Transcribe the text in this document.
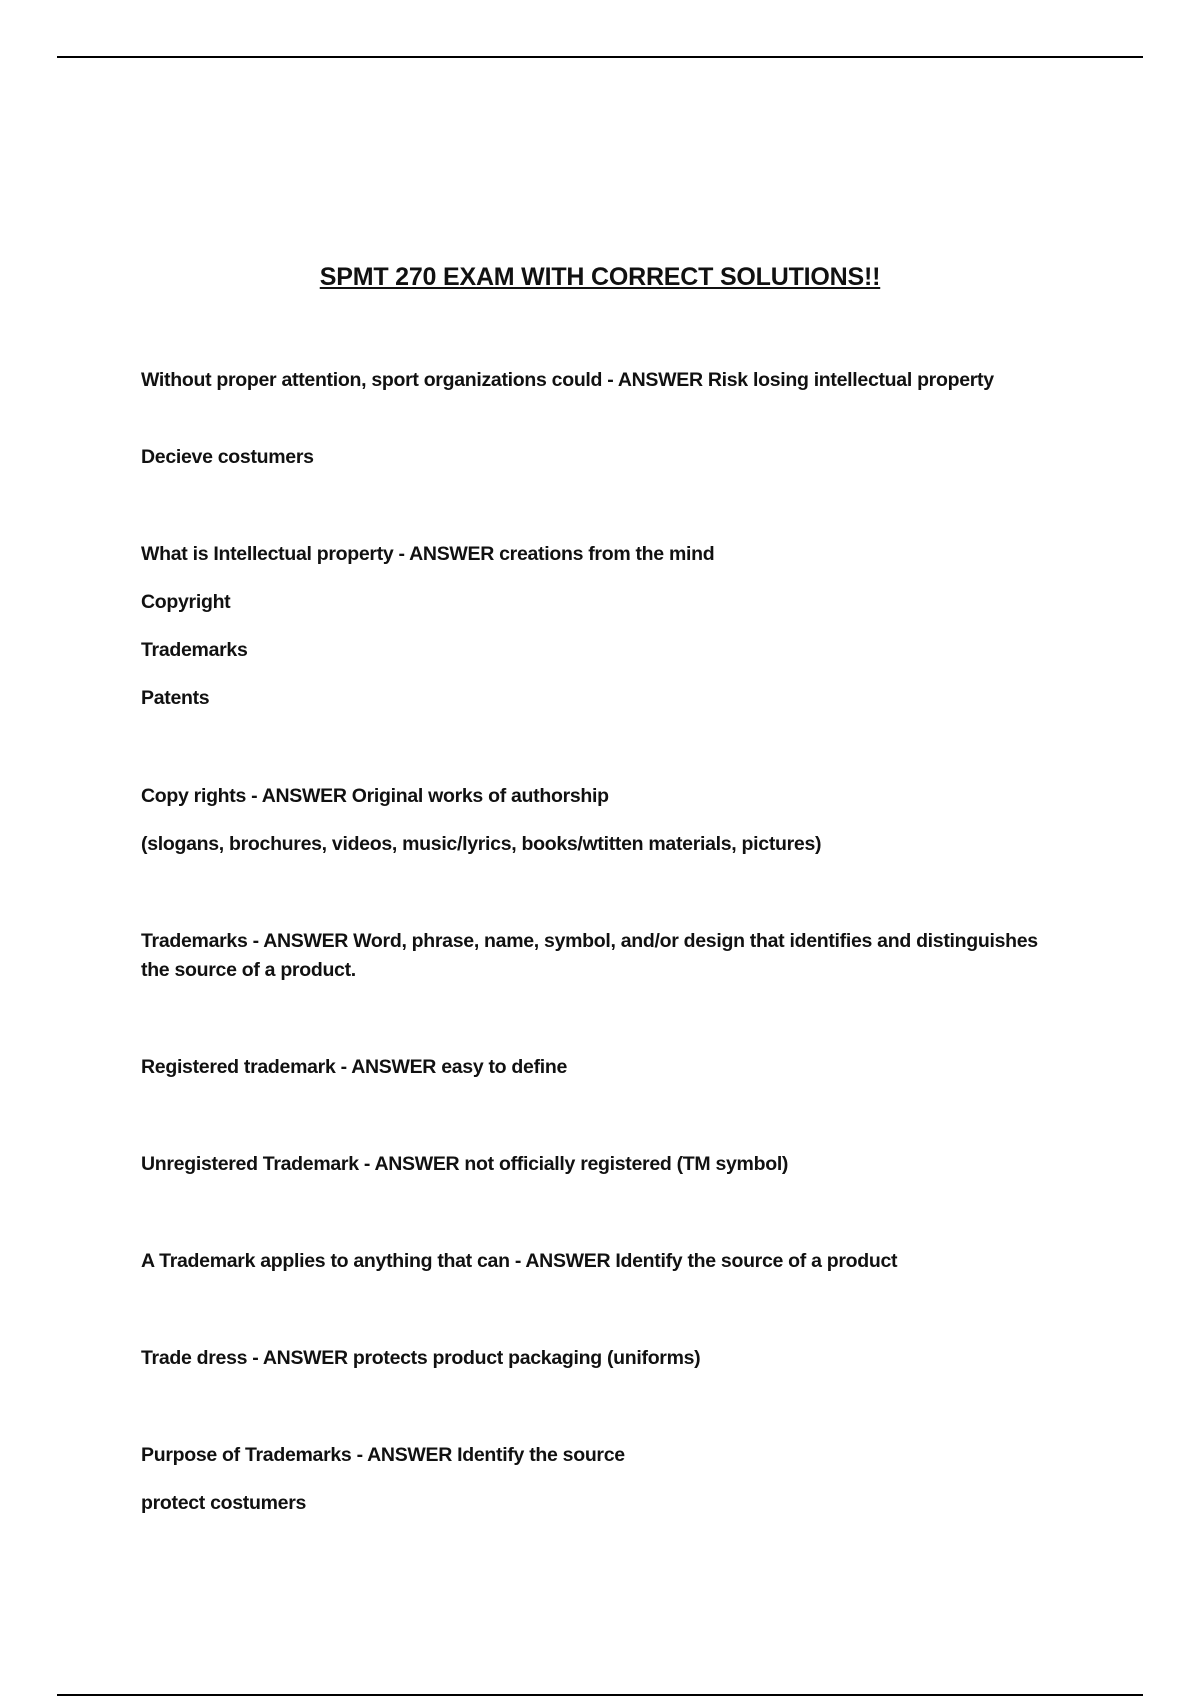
SPMT 270 EXAM WITH CORRECT SOLUTIONS!!
Without proper attention, sport organizations could - ANSWER Risk losing intellectual property
Decieve costumers
What is Intellectual property - ANSWER creations from the mind
Copyright
Trademarks
Patents
Copy rights - ANSWER Original works of authorship
(slogans, brochures, videos, music/lyrics, books/wtitten materials, pictures)
Trademarks - ANSWER Word, phrase, name, symbol, and/or design that identifies and distinguishes the source of a product.
Registered trademark - ANSWER easy to define
Unregistered Trademark - ANSWER not officially registered (TM symbol)
A Trademark applies to anything that can - ANSWER Identify the source of a product
Trade dress - ANSWER protects product packaging (uniforms)
Purpose of Trademarks - ANSWER Identify the source
protect costumers
